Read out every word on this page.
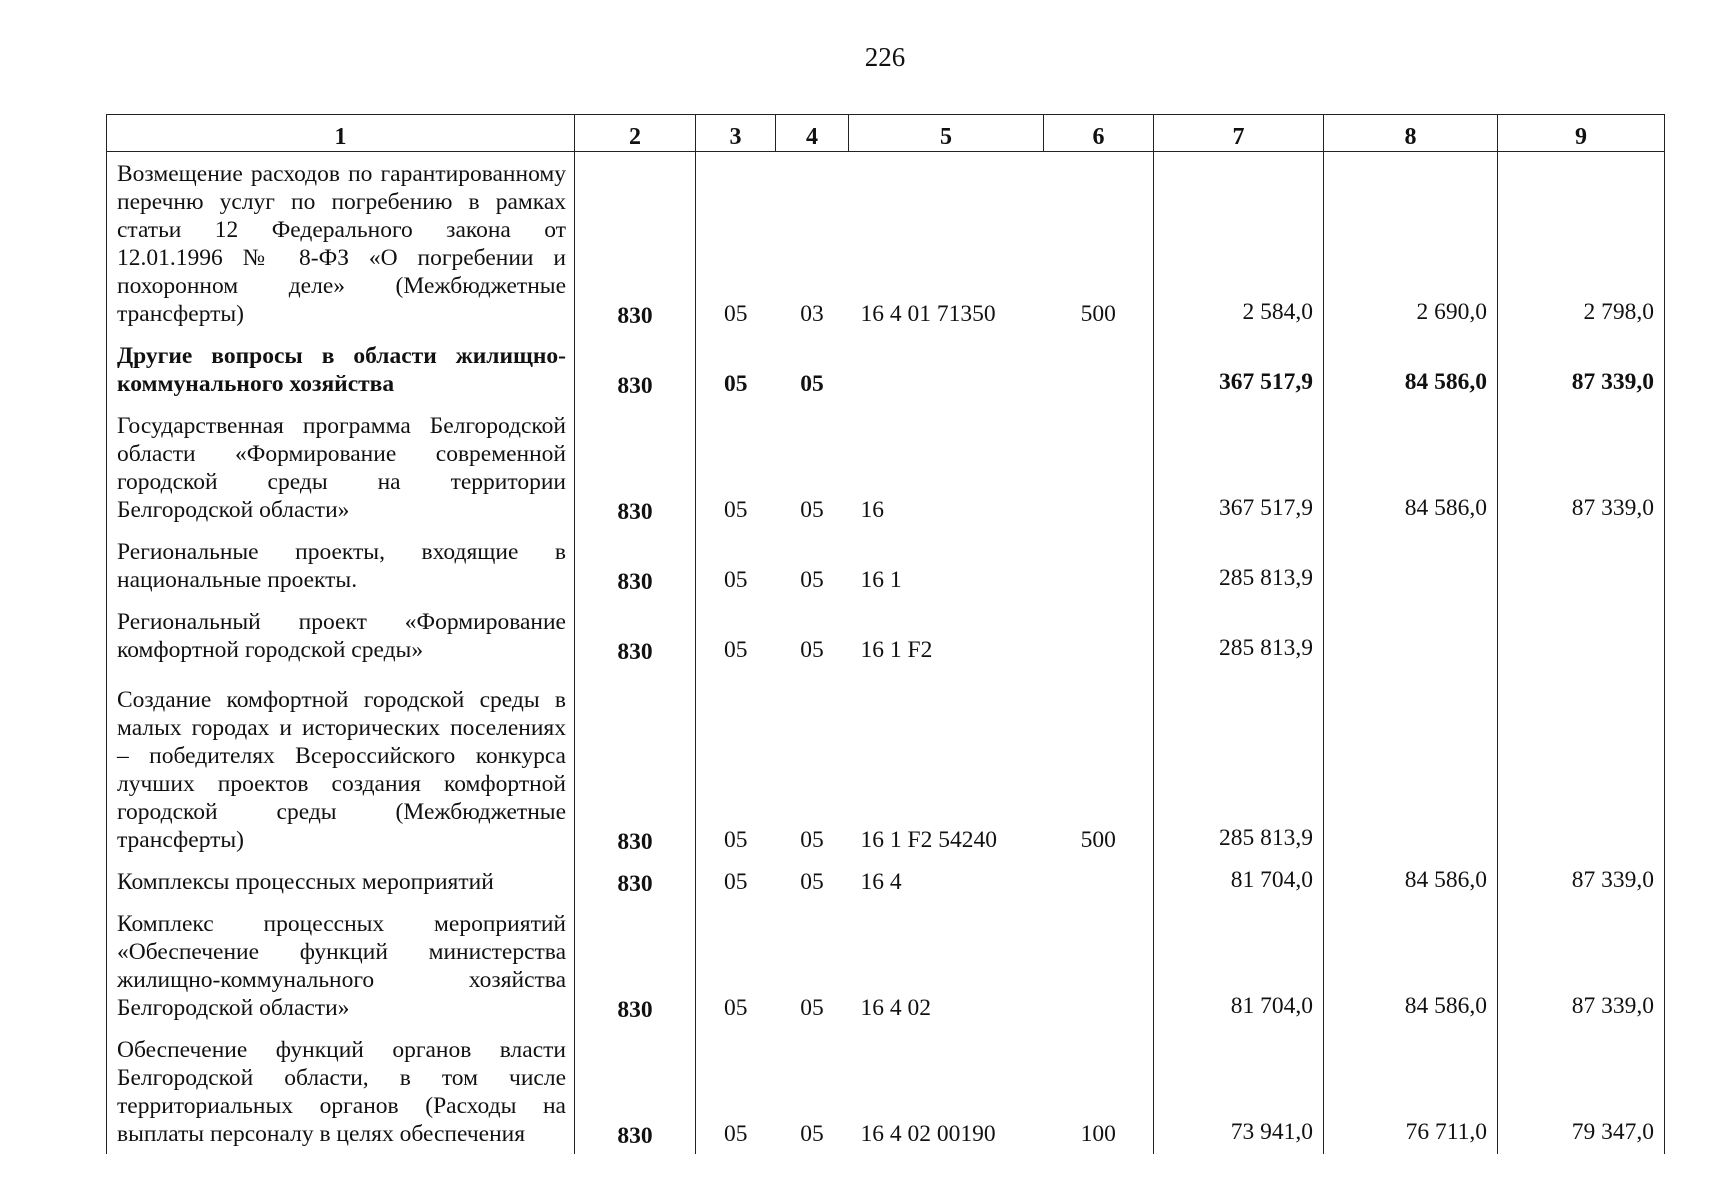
226
1	2	3	4	5	6	7	8	9
Возмещение расходов по гарантированному перечню услуг по погребению в рамках статьи 12 Федерального закона от 12.01.1996 № 8-ФЗ «О погребении и похоронном деле» (Межбюджетные трансферты)	830	05	03	16 4 01 71350	500	2 584,0	2 690,0	2 798,0
Другие вопросы в области жилищно-коммунального хозяйства	830	05	05			367 517,9	84 586,0	87 339,0
Государственная программа Белгородской области «Формирование современной городской среды на территории Белгородской области»	830	05	05	16		367 517,9	84 586,0	87 339,0
Региональные проекты, входящие в национальные проекты.	830	05	05	16 1		285 813,9		
Региональный проект «Формирование комфортной городской среды»	830	05	05	16 1 F2		285 813,9		
Создание комфортной городской среды в малых городах и исторических поселениях – победителях Всероссийского конкурса лучших проектов создания комфортной городской среды (Межбюджетные трансферты)	830	05	05	16 1 F2 54240	500	285 813,9		
Комплексы процессных мероприятий	830	05	05	16 4		81 704,0	84 586,0	87 339,0
Комплекс процессных мероприятий «Обеспечение функций министерства жилищно-коммунального хозяйства Белгородской области»	830	05	05	16 4 02		81 704,0	84 586,0	87 339,0
Обеспечение функций органов власти Белгородской области, в том числе территориальных органов (Расходы на выплаты персоналу в целях обеспечения	830	05	05	16 4 02 00190	100	73 941,0	76 711,0	79 347,0
